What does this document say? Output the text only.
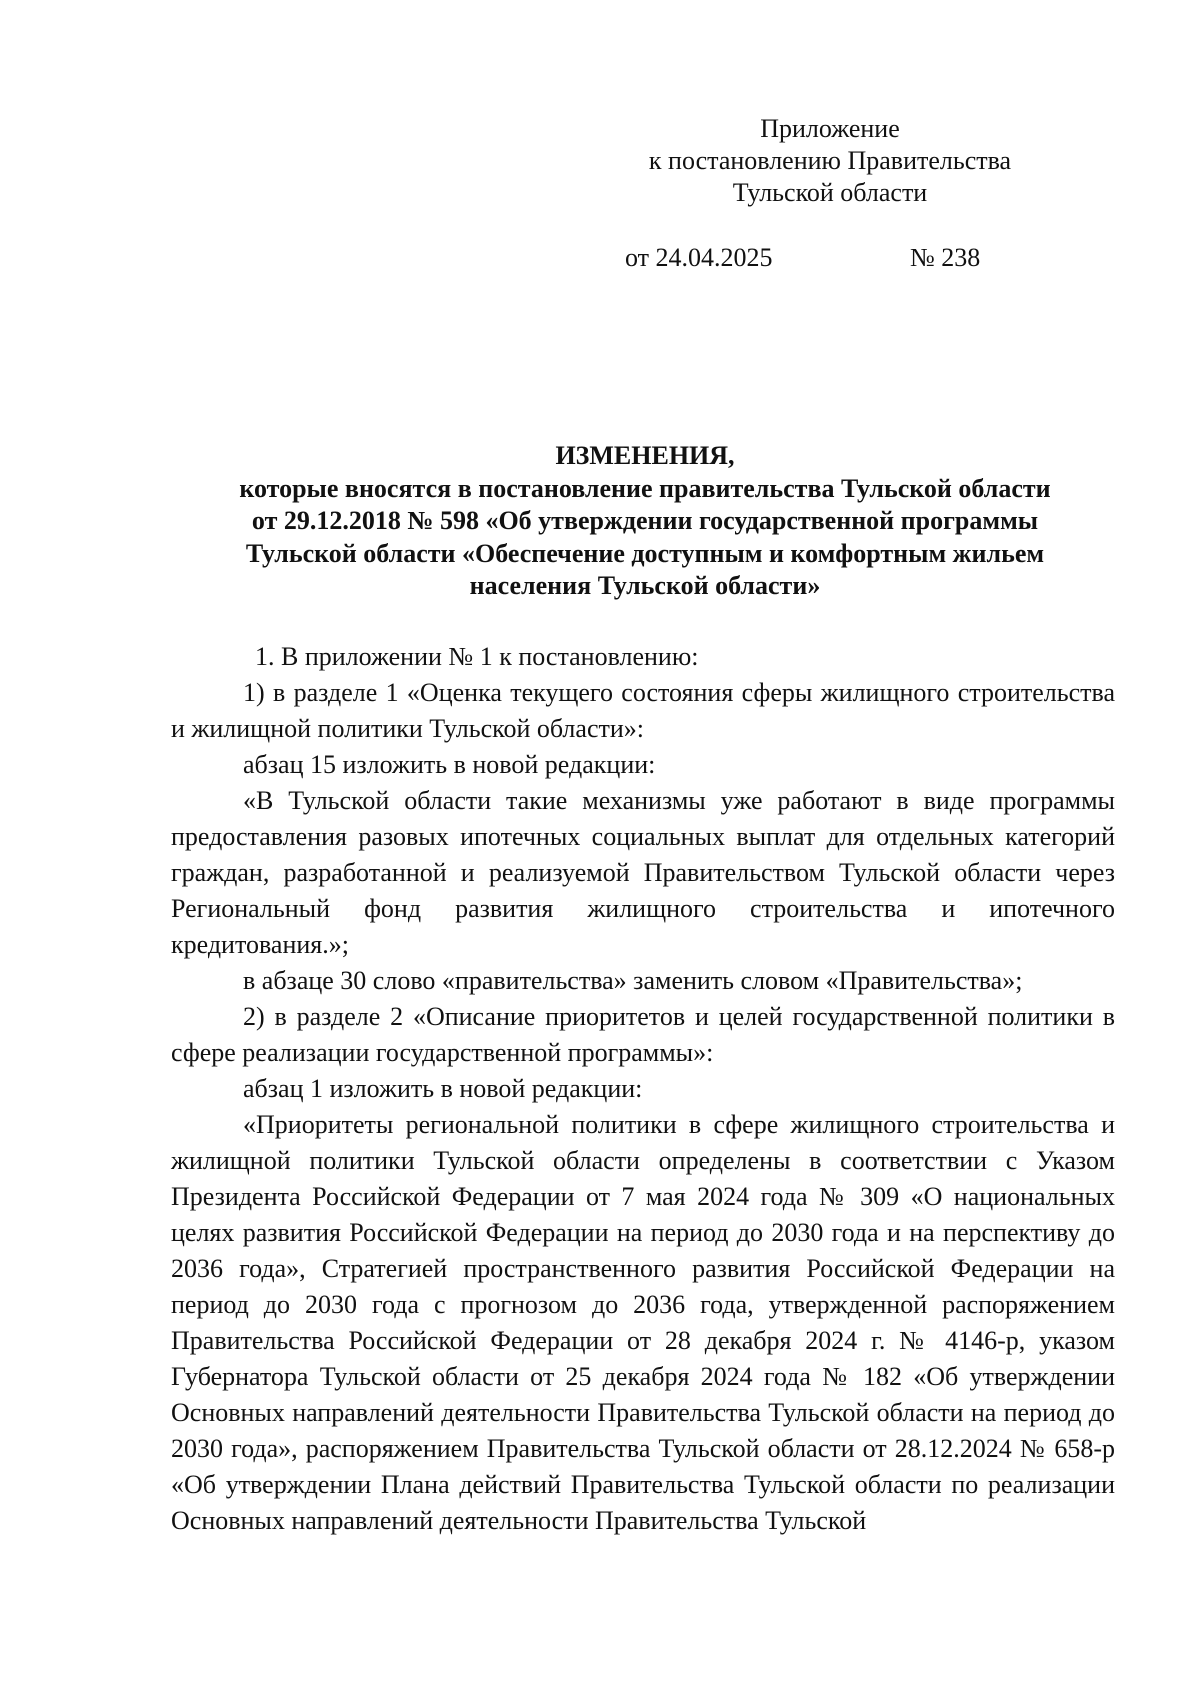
Приложение
к постановлению Правительства
Тульской области
от 24.04.2025	№ 238
ИЗМЕНЕНИЯ,
которые вносятся в постановление правительства Тульской области
от 29.12.2018 № 598 «Об утверждении государственной программы
Тульской области «Обеспечение доступным и комфортным жильем
населения Тульской области»

1. В приложении № 1 к постановлению:

1) в разделе 1 «Оценка текущего состояния сферы жилищного строительства и жилищной политики Тульской области»:

абзац 15 изложить в новой редакции:

«В Тульской области такие механизмы уже работают в виде программы предоставления разовых ипотечных социальных выплат для отдельных категорий граждан, разработанной и реализуемой Правительством Тульской области через Региональный фонд развития жилищного строительства и ипотечного кредитования.»;

в абзаце 30 слово «правительства» заменить словом «Правительства»;

2) в разделе 2 «Описание приоритетов и целей государственной политики в сфере реализации государственной программы»:

абзац 1 изложить в новой редакции:

«Приоритеты региональной политики в сфере жилищного строительства и жилищной политики Тульской области определены в соответствии с Указом Президента Российской Федерации от 7 мая 2024 года № 309 «О национальных целях развития Российской Федерации на период до 2030 года и на перспективу до 2036 года», Стратегией пространственного развития Российской Федерации на период до 2030 года с прогнозом до 2036 года, утвержденной распоряжением Правительства Российской Федерации от 28 декабря 2024 г. № 4146-р, указом Губернатора Тульской области от 25 декабря 2024 года № 182 «Об утверждении Основных направлений деятельности Правительства Тульской области на период до 2030 года», распоряжением Правительства Тульской области от 28.12.2024 № 658-р «Об утверждении Плана действий Правительства Тульской области по реализации Основных направлений деятельности Правительства Тульской
